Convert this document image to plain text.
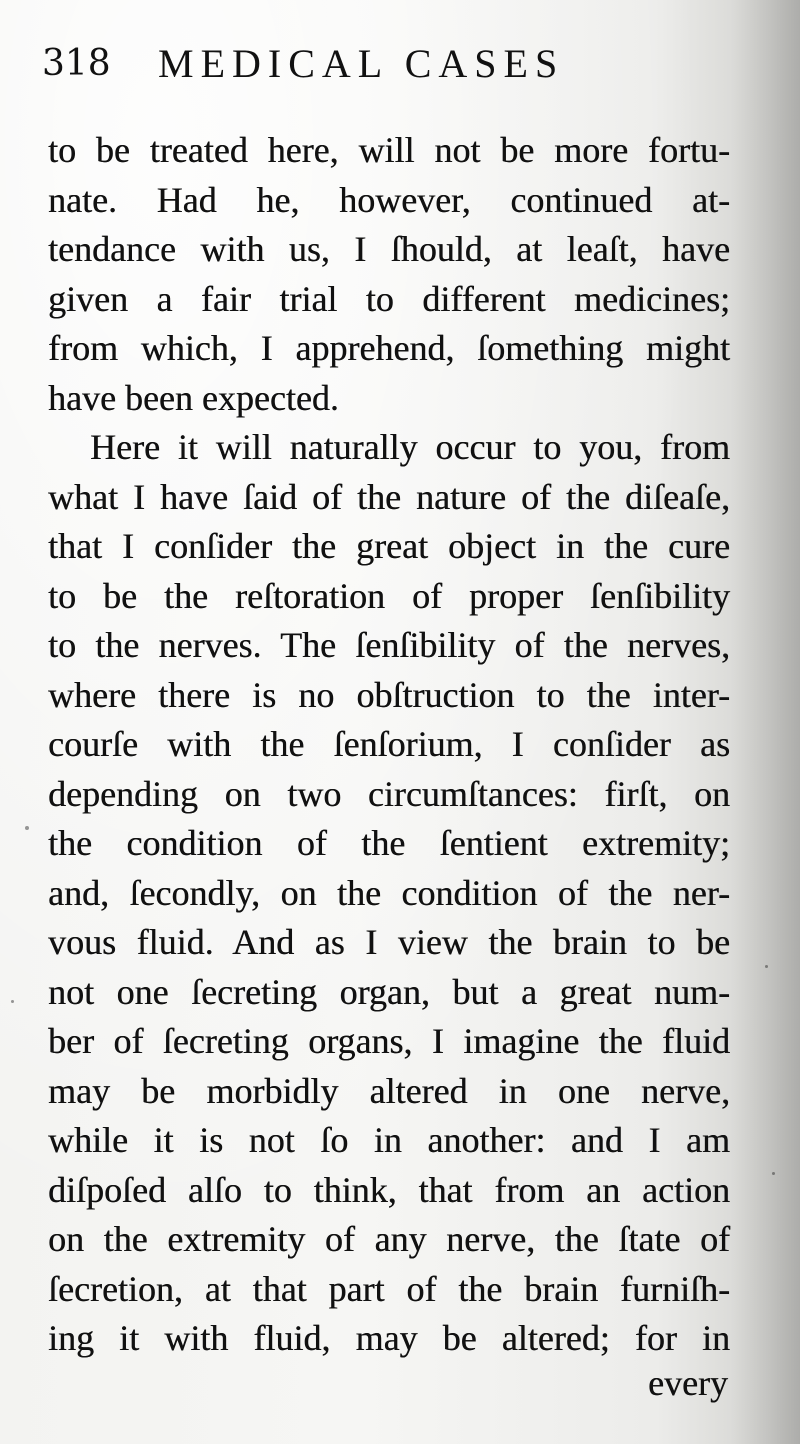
318 MEDICAL CASES
to be treated here, will not be more fortu-
nate. Had he, however, continued at-
tendance with us, I ſhould, at leaſt, have
given a fair trial to different medicines;
from which, I apprehend, ſomething might
have been expected.
Here it will naturally occur to you, from
what I have ſaid of the nature of the diſeaſe,
that I conſider the great object in the cure
to be the reſtoration of proper ſenſibility
to the nerves. The ſenſibility of the nerves,
where there is no obſtruction to the inter-
courſe with the ſenſorium, I conſider as
depending on two circumſtances: firſt, on
the condition of the ſentient extremity;
and, ſecondly, on the condition of the ner-
vous fluid. And as I view the brain to be
not one ſecreting organ, but a great num-
ber of ſecreting organs, I imagine the fluid
may be morbidly altered in one nerve,
while it is not ſo in another: and I am
diſpoſed alſo to think, that from an action
on the extremity of any nerve, the ſtate of
ſecretion, at that part of the brain furniſh-
ing it with fluid, may be altered; for in
every
